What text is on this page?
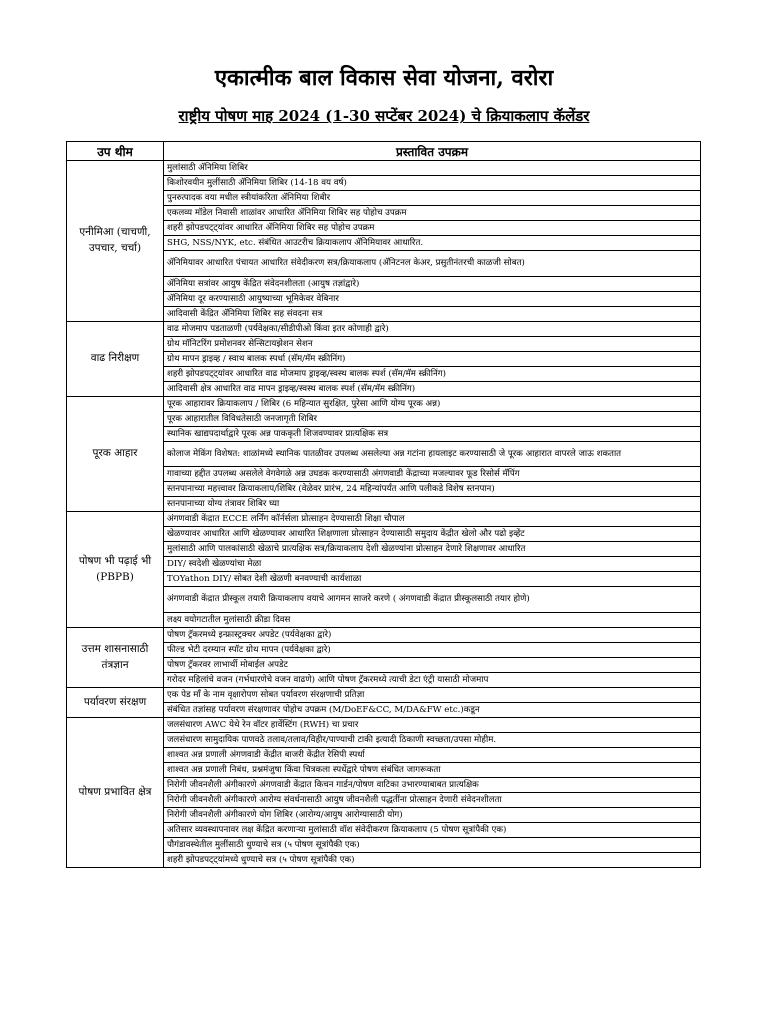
एकात्मीक बाल विकास सेवा योजना, वरोरा
राष्ट्रीय पोषण माह 2024 (1-30 सप्टेंबर 2024) चे क्रियाकलाप कॅलेंडर
उप थीम	प्रस्तावित उपक्रम

एनीमिआ (चाचणी,
उपचार, चर्चा)	मुलांसाठी ॲनिमिया शिबिर
	किशोरवयीन मुलींसाठी ॲनिमिया शिबिर (14-18 वय वर्ष)
	पुनरुत्पादक वया मधील स्त्रीयांकरिता ॲनिमिया शिबीर
	एकलव्य मॉडेल निवासी शाळांवर आधारित ॲनिमिया शिबिर सह पोहोच उपक्रम
	शहरी झोपडपट्ट्यांवर आधारित ॲनिमिया शिबिर सह पोहोच उपक्रम
	SHG, NSS/NYK, etc. संबंधित आउटरीच क्रियाकलाप ॲनिमियावर आधारित.
	ॲनिमियावर आधारित पंचायत आधारित संवेदीकरण सत्र/क्रियाकलाप (ॲनिटनल केअर, प्रसुतीनंतरची काळजी सोबत)
	ॲनिमिया सत्रांवर आयुष केंद्रित संवेदनशीलता (आयुष तज्ञांद्वारे)
	ॲनिमिया दूर करण्यासाठी आयुष्याच्या भूमिकेवर वेबिनार
	आदिवासी केंद्रित ॲनिमिया शिबिर सह संवदना सत्र

वाढ निरीक्षण	वाढ मोजमाप पडताळणी (पर्यवेक्षका/सीडीपीओ किंवा इतर कोणाही द्वारे)
	ग्रोथ मॉनिटरिंग प्रमोशनवर सेन्सिटायझेशन सेशन
	ग्रोथ मापन ड्राइव्ह / स्वाथ बालक स्पर्धा (सॅम/मॅम स्क्रीनिंग)
	शहरी झोपडपट्ट्यांवर आधारित वाढ मोजमाप ड्राइव्ह/स्वस्थ बालक स्पर्श (सॅम/मॅम स्क्रीनिंग)
	आदिवासी क्षेत्र आधारित वाढ मापन ड्राइव्ह/स्वस्थ बालक स्पर्श (सॅम/मॅम स्क्रीनिंग)

पूरक आहार	पूरक आहारावर क्रियाकलाप / शिबिर (6 महिन्यात सुरक्षित, पुरेसा आणि योग्य पूरक अन्न)
	पूरक आहारातील विविधतेसाठी जनजागृती शिबिर
	स्थानिक खाद्यपदार्थाद्वारे पूरक अन्न पाककृती शिजवण्यावर प्रात्यक्षिक सत्र
	कोलाज मेकिंग विशेषत: शाळांमध्ये स्थानिक पातळीवर उपलब्ध असलेल्या अन्न गटांना हायलाइट करण्यासाठी जे पूरक आहारात वापरले जाऊ शकतात
	गावाच्या हद्दीत उपलब्ध असलेले वेगवेगळे अन्न उघडक करण्यासाठी अंगणवाडी केंद्राच्या मजल्यावर फूड रिसोर्स मॅपिंग
	स्तनपानाच्या महत्त्वावर क्रियाकलाप/शिबिर (वेळेवर प्रारंभ, 24 महिन्यांपर्यंत आणि पलीकडे विशेष स्तनपान)
	स्तनपानाच्या योग्य तंत्रावर शिबिर घ्या

पोषण भी पढ़ाई भी
(PBPB)	अंगणवाडी केंद्रात ECCE लर्निंग कॉर्नर्सला प्रोत्साहन देण्यासाठी शिक्षा चौपाल
	खेळण्यावर आधारित आणि खेळण्यावर आधारित शिक्षणाला प्रोत्साहन देण्यासाठी समुदाय केंद्रीत खेलो और पढो इव्हेंट
	मुलांसाठी आणि पालकांसाठी खेळाचे प्रात्यक्षिक सत्र/क्रियाकलाप देशी खेळण्यांना प्रोत्साहन देणारे शिक्षणावर आधारित
	DIY/ स्वदेशी खेळण्यांचा मेळा
	TOYathon DIY/ सोबत देशी खेळणी बनवण्याची कार्यशाळा
	अंगणवाडी केंद्रात प्रीस्कूल तयारी क्रियाकलाप वयाचे आगमन साजरे करणे ( अंगणवाडी केंद्रात प्रीस्कूलसाठी तयार होणे)
	लक्ष्य वयोगटातील मुलांसाठी क्रीडा दिवस

उत्तम शासनासाठी
तंत्रज्ञान	पोषण ट्रॅकरमध्ये इन्फ्रास्ट्रक्चर अपडेट (पर्यवेक्षका द्वारे)
	फील्ड भेटी दरम्यान स्पॉट ग्रोथ मापन (पर्यवेक्षका द्वारे)
	पोषण ट्रॅकरवर लाभार्थी मोबाईल अपडेट
	गरोदर महिलांचे वजन (गर्भधारणेचे वजन वाढणे) आणि पोषण ट्रॅकरमध्ये त्याची डेटा एंट्री यासाठी मोजमाप

पर्यावरण संरक्षण	एक पेड माँ के नाम वृक्षारोपण सोबत पर्यावरण संरक्षणाची प्रतिज्ञा
	संबंधित तज्ञांसह पर्यावरण संरक्षणावर पोहोच उपक्रम (M/DoEF&CC, M/DA&FW etc.)कडून

पोषण प्रभावित क्षेत्र	जलसंधारण AWC येथे रेन वॉटर हार्वेस्टिंग (RWH) चा प्रचार
	जलसंधारण सामुदायिक पाणवठे तलाव/तलाव/विहीर/पाण्याची टाकी इत्यादी ठिकाणी स्वच्छता/उपसा मोहीम.
	शाश्वत अन्न प्रणाली अंगणवाडी केंद्रीत बाजरी केंद्रीत रेसिपी स्पर्धा
	शाश्वत अन्न प्रणाली निबंध, प्रश्नमंजुषा किंवा चित्रकला स्पर्धेद्वारे पोषण संबंधित जागरूकता
	निरोगी जीवनशैली अंगीकारणे अंगणवाडी केंद्रात किचन गार्डन/पोषण वाटिका उभारण्याबाबत प्रात्यक्षिक
	निरोगी जीवनशैली अंगीकारणे आरोग्य संवर्धनासाठी आयुष जीवनशैली पद्धतींना प्रोत्साहन देणारी संवेदनशीलता
	निरोगी जीवनशैली अंगीकारणे योग शिबिर (आरोग्य/आयुष आरोग्यासाठी योग)
	अतिसार व्यवस्थापनावर लक्ष केंद्रित करणाऱ्या मुलांसाठी वॉश संवेदीकरण क्रियाकलाप (5 पोषण सूत्रांपैकी एक)
	पौगंडावस्थेतील मुलींसाठी धुण्याचे सत्र (५ पोषण सूत्रांपैकी एक)
	शहरी झोपडपट्ट्यांमध्ये धुण्याचे सत्र (५ पोषण सूत्रांपैकी एक)
